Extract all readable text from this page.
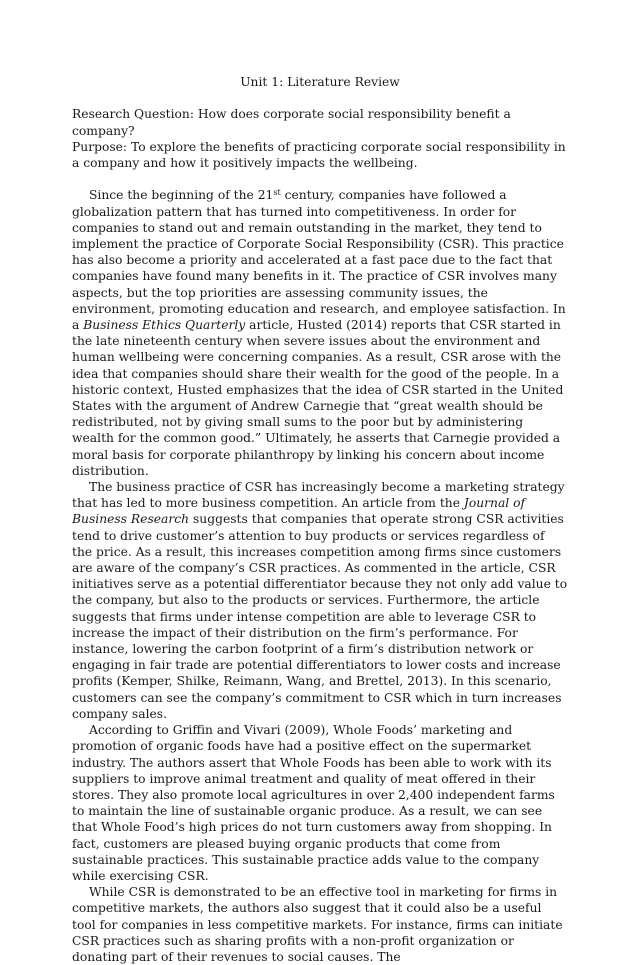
Unit 1: Literature Review

Research Question: How does corporate social responsibility benefit a company?

Purpose: To explore the benefits of practicing corporate social responsibility in a company and how it positively impacts the wellbeing.

Since the beginning of the 21st century, companies have followed a globalization pattern that has turned into competitiveness. In order for companies to stand out and remain outstanding in the market, they tend to implement the practice of Corporate Social Responsibility (CSR). This practice has also become a priority and accelerated at a fast pace due to the fact that companies have found many benefits in it. The practice of CSR involves many aspects, but the top priorities are assessing community issues, the environment, promoting education and research, and employee satisfaction. In a Business Ethics Quarterly article, Husted (2014) reports that CSR started in the late nineteenth century when severe issues about the environment and human wellbeing were concerning companies. As a result, CSR arose with the idea that companies should share their wealth for the good of the people. In a historic context, Husted emphasizes that the idea of CSR started in the United States with the argument of Andrew Carnegie that “great wealth should be redistributed, not by giving small sums to the poor but by administering wealth for the common good.” Ultimately, he asserts that Carnegie provided a moral basis for corporate philanthropy by linking his concern about income distribution.

The business practice of CSR has increasingly become a marketing strategy that has led to more business competition. An article from the Journal of Business Research suggests that companies that operate strong CSR activities tend to drive customer’s attention to buy products or services regardless of the price. As a result, this increases competition among firms since customers are aware of the company’s CSR practices. As commented in the article, CSR initiatives serve as a potential differentiator because they not only add value to the company, but also to the products or services. Furthermore, the article suggests that firms under intense competition are able to leverage CSR to increase the impact of their distribution on the firm’s performance. For instance, lowering the carbon footprint of a firm’s distribution network or engaging in fair trade are potential differentiators to lower costs and increase profits (Kemper, Shilke, Reimann, Wang, and Brettel, 2013). In this scenario, customers can see the company’s commitment to CSR which in turn increases company sales.

According to Griffin and Vivari (2009), Whole Foods’ marketing and promotion of organic foods have had a positive effect on the supermarket industry. The authors assert that Whole Foods has been able to work with its suppliers to improve animal treatment and quality of meat offered in their stores. They also promote local agricultures in over 2,400 independent farms to maintain the line of sustainable organic produce. As a result, we can see that Whole Food’s high prices do not turn customers away from shopping. In fact, customers are pleased buying organic products that come from sustainable practices. This sustainable practice adds value to the company while exercising CSR.

While CSR is demonstrated to be an effective tool in marketing for firms in competitive markets, the authors also suggest that it could also be a useful tool for companies in less competitive markets. For instance, firms can initiate CSR practices such as sharing profits with a non-profit organization or donating part of their revenues to social causes. The
